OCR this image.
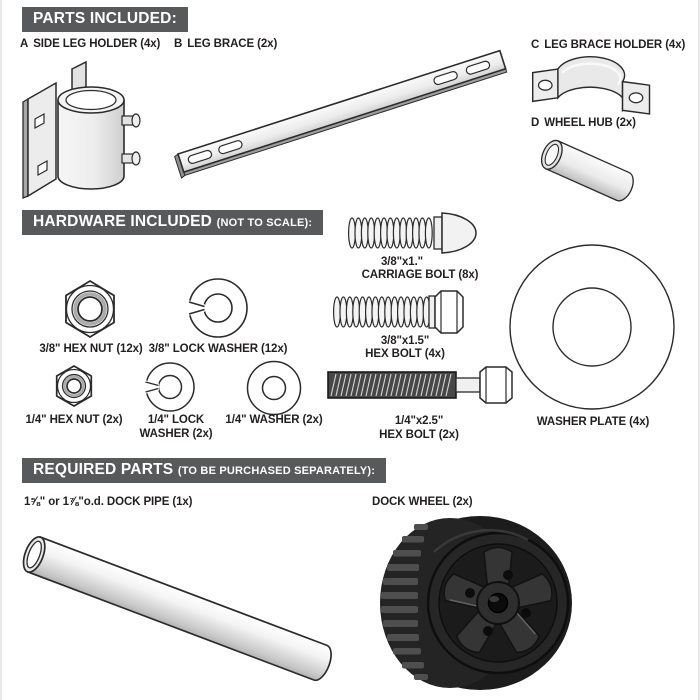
PARTS INCLUDED:
A SIDE LEG HOLDER (4x) B LEG BRACE (2x)	C LEG BRACE HOLDER (4x)
D WHEEL HUB (2x)
HARDWARE INCLUDED (NOT TO SCALE):
3/8" HEX NUT (12x) 3/8" LOCK WASHER (12x)
3/8"x1."
CARRIAGE BOLT (8x)
3/8"x1.5"
HEX BOLT (4x)
1/4" HEX NUT (2x)	1/4" LOCK WASHER (2x)
1/4" WASHER (2x)	1/4"x2.5"
HEX BOLT (2x)
WASHER PLATE (4x)
REQUIRED PARTS (TO BE PURCHASED SEPARATELY):
1⅝" or 1⅞"o.d. DOCK PIPE (1x)	DOCK WHEEL (2x)
